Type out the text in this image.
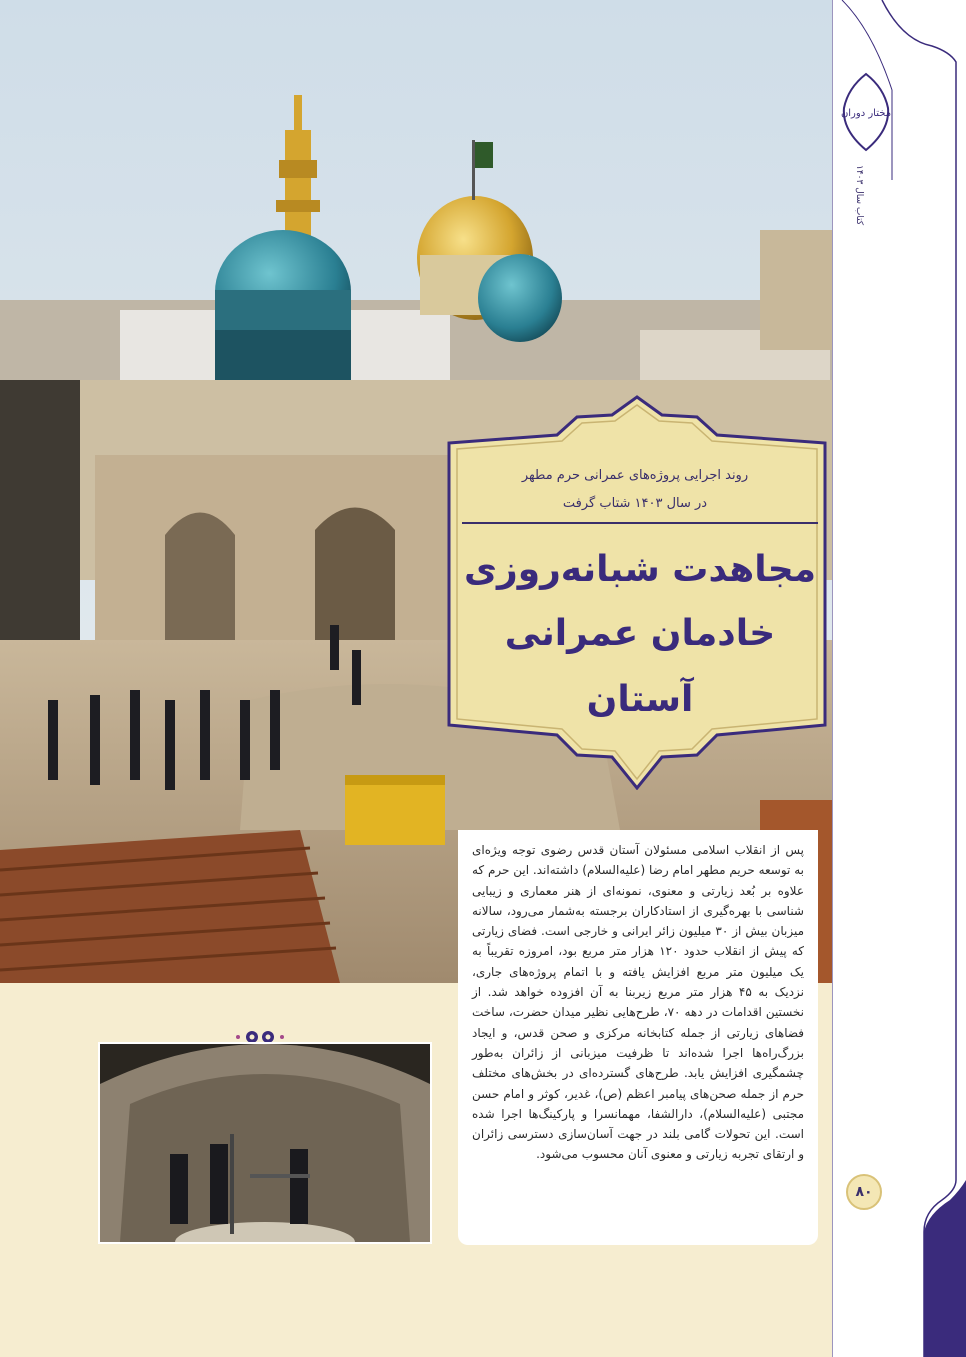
روند اجرایی پروژه‌های عمرانی حرم مطهر
در سال ۱۴۰۳ شتاب گرفت
مجاهدت شبانه‌روزی
خادمان عمرانی
آستان

پس از انقلاب اسلامی مسئولان آستان قدس رضوی توجه ویژه‌ای به توسعه حریم مطهر امام رضا (علیه‌السلام) داشته‌اند. این حرم که علاوه بر بُعد زیارتی و معنوی، نمونه‌ای از هنر معماری و زیبایی شناسی با بهره‌گیری از استادکاران برجسته به‌شمار می‌رود، سالانه میزبان بیش از ۳۰ میلیون زائر ایرانی و خارجی است. فضای زیارتی که پیش از انقلاب حدود ۱۲۰ هزار متر مربع بود، امروزه تقریباً به یک میلیون متر مربع افزایش یافته و با اتمام پروژه‌های جاری، نزدیک به ۴۵ هزار متر مربع زیربنا به آن افزوده خواهد شد. از نخستین اقدامات در دهه ۷۰، طرح‌هایی نظیر میدان حضرت، ساخت فضاهای زیارتی از جمله کتابخانه مرکزی و صحن قدس، و ایجاد بزرگ‌راه‌ها اجرا شده‌اند تا ظرفیت میزبانی از زائران به‌طور چشمگیری افزایش یابد. طرح‌های گسترده‌ای در بخش‌های مختلف حرم از جمله صحن‌های پیامبر اعظم (ص)، غدیر، کوثر و امام حسن مجتبی (علیه‌السلام)، دارالشفا، مهمانسرا و پارکینگ‌ها اجرا شده است. این تحولات گامی بلند در جهت آسان‌سازی دسترسی زائران و ارتقای تجربه زیارتی و معنوی آنان محسوب می‌شود.

مختار دوران
کتاب سال ۱۴۰۳
۸۰
